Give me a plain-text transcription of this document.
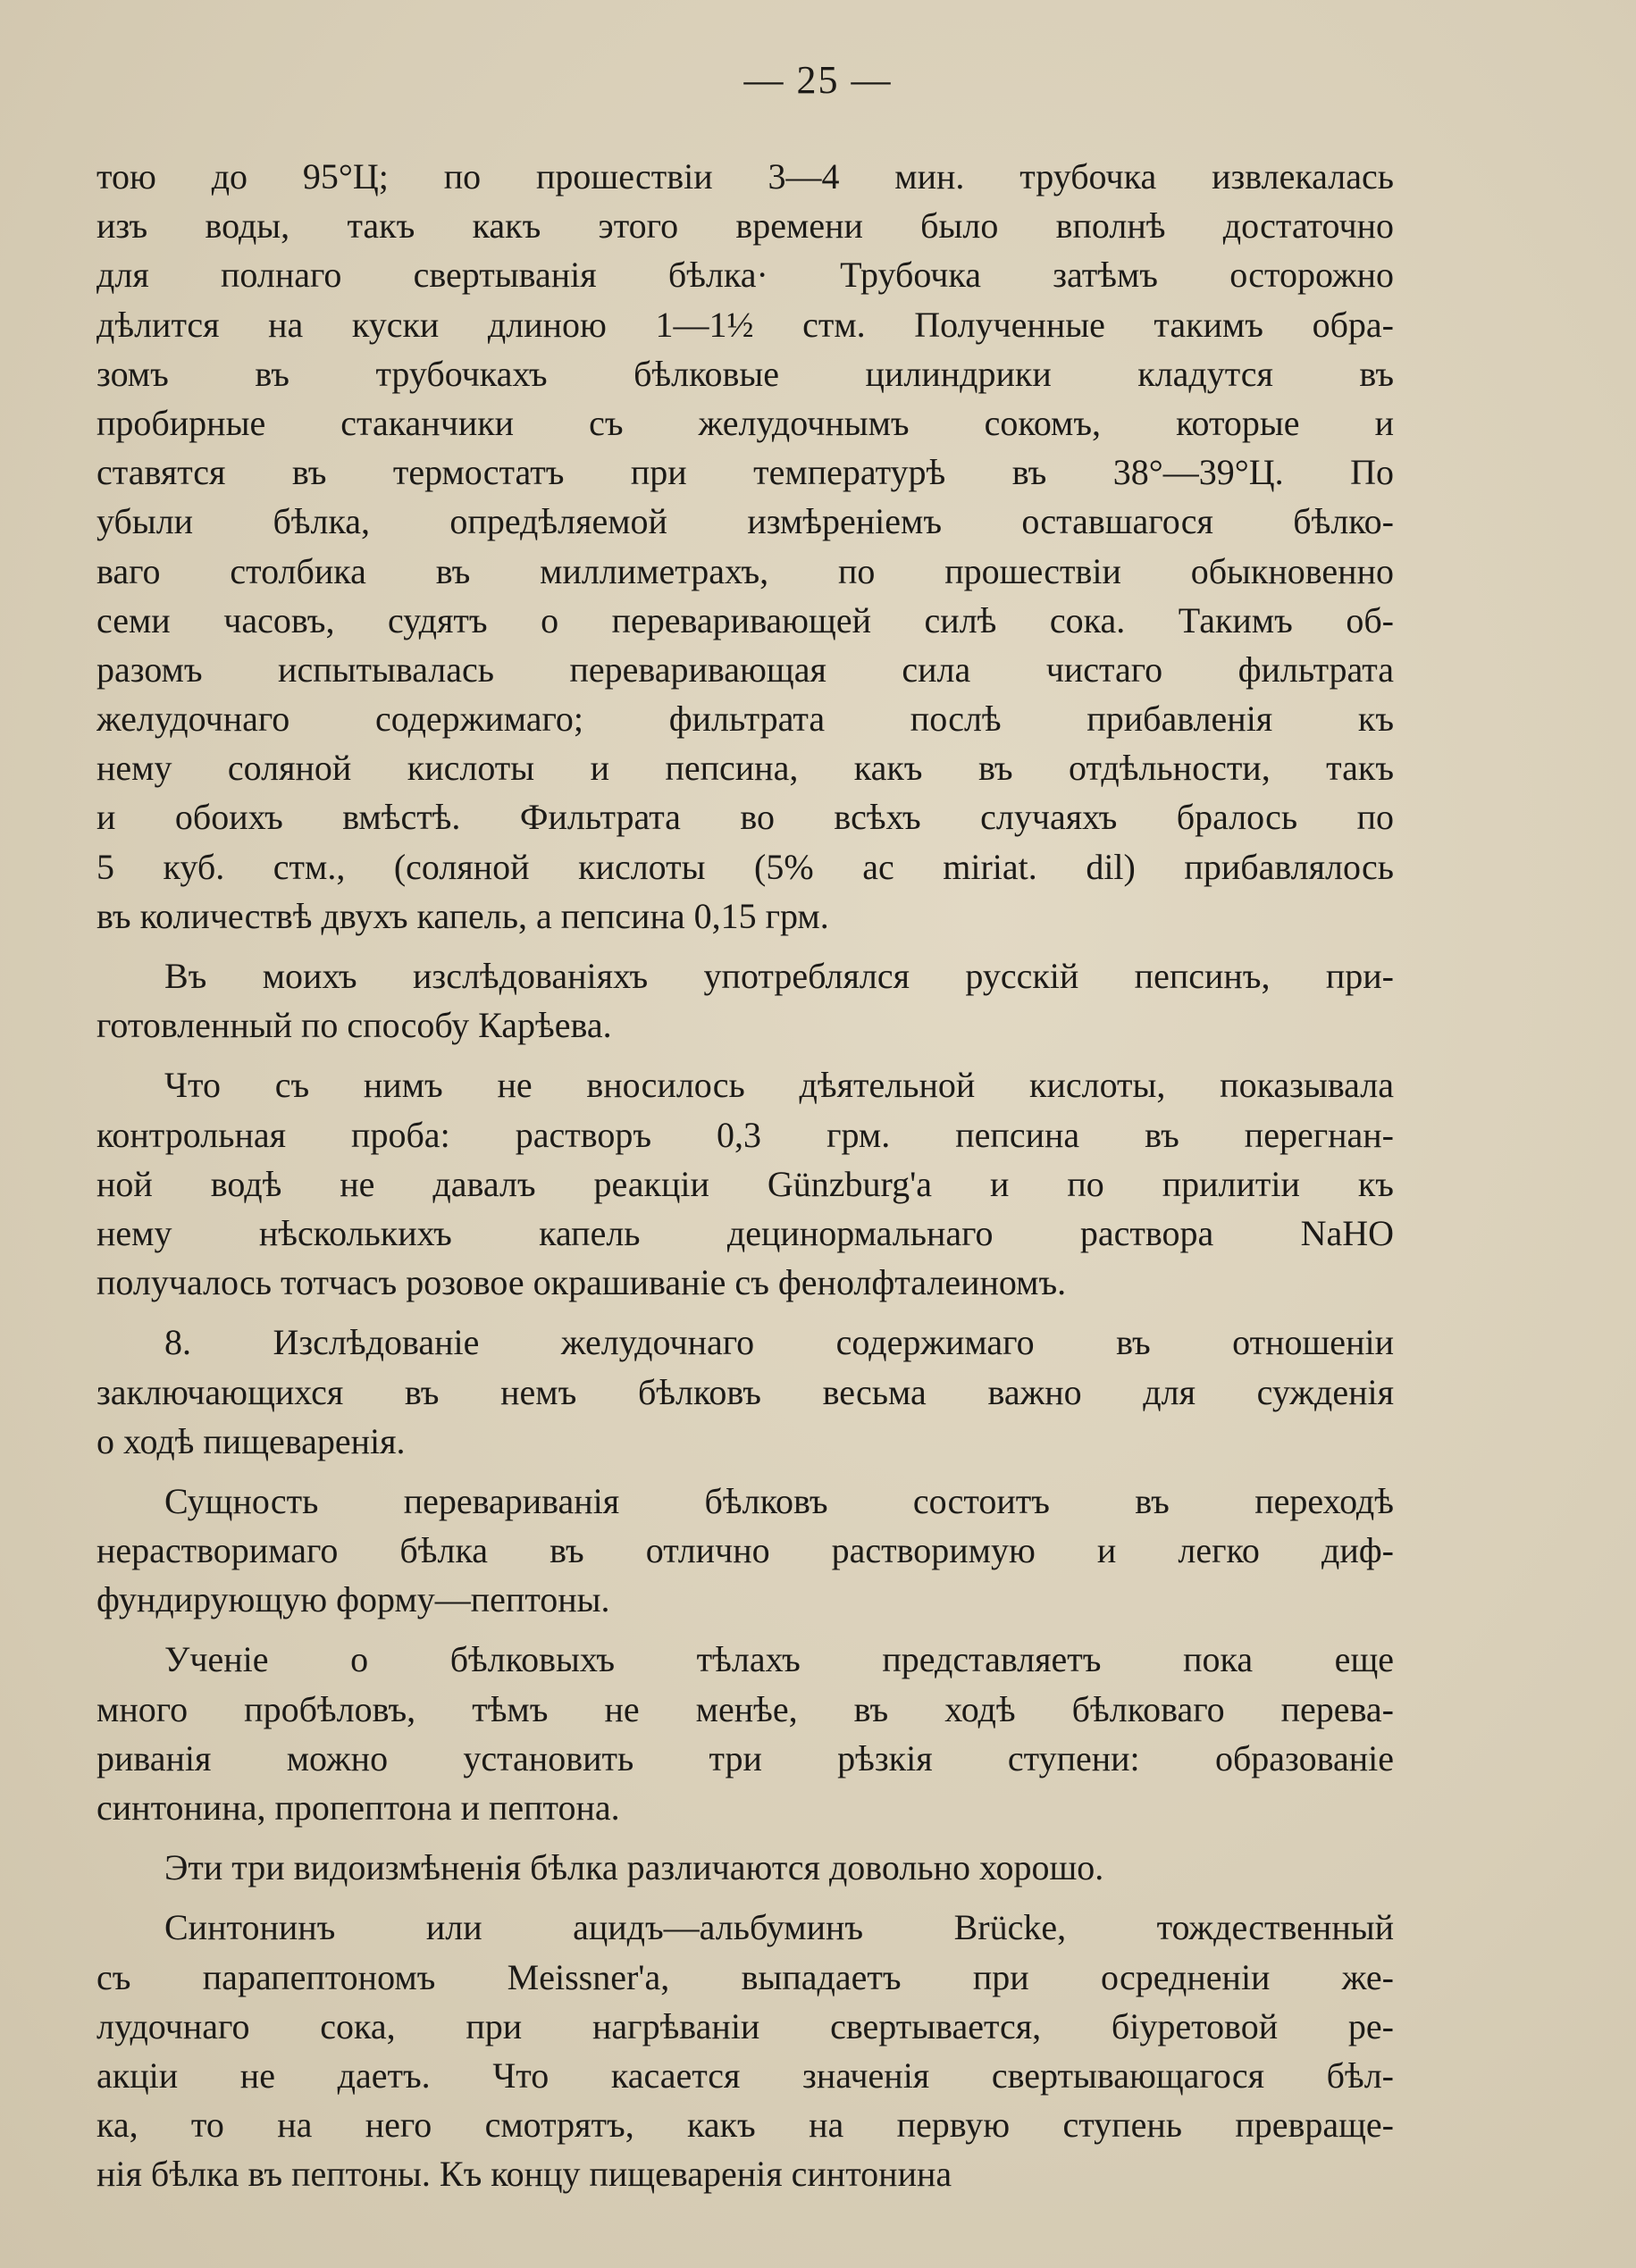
— 25 —
тою до 95°Ц; по прошествіи 3—4 мин. трубочка извлекалась
изъ воды, такъ какъ этого времени было вполнѣ достаточно
для полнаго свертыванія бѣлка· Трубочка затѣмъ осторожно
дѣлится на куски длиною 1—1½ стм. Полученные такимъ обра-
зомъ въ трубочкахъ бѣлковые цилиндрики кладутся въ
пробирные стаканчики съ желудочнымъ сокомъ, которые и
ставятся въ термостатъ при температурѣ въ 38°—39°Ц. По
убыли бѣлка, опредѣляемой измѣреніемъ оставшагося бѣлко-
ваго столбика въ миллиметрахъ, по прошествіи обыкновенно
семи часовъ, судятъ о переваривающей силѣ сока. Такимъ об-
разомъ испытывалась переваривающая сила чистаго фильтрата
желудочнаго содержимаго; фильтрата послѣ прибавленія къ
нему соляной кислоты и пепсина, какъ въ отдѣльности, такъ
и обоихъ вмѣстѣ. Фильтрата во всѣхъ случаяхъ бралось по
5 куб. стм., (соляной кислоты (5% ac miriat. dil) прибавлялось
въ количествѣ двухъ капель, а пепсина 0,15 грм.
Въ моихъ изслѣдованіяхъ употреблялся русскій пепсинъ, при-
готовленный по способу Карѣева.
Что съ нимъ не вносилось дѣятельной кислоты, показывала
контрольная проба: растворъ 0,3 грм. пепсина въ перегнан-
ной водѣ не давалъ реакціи Günzburg'а и по прилитіи къ
нему нѣсколькихъ капель децинормальнаго раствора NaHO
получалось тотчасъ розовое окрашиваніе съ фенолфталеиномъ.
8. Изслѣдованіе желудочнаго содержимаго въ отношеніи
заключающихся въ немъ бѣлковъ весьма важно для сужденія
о ходѣ пищеваренія.
Сущность перевариванія бѣлковъ состоитъ въ переходѣ
нерастворимаго бѣлка въ отлично растворимую и легко диф-
фундирующую форму—пептоны.
Ученіе о бѣлковыхъ тѣлахъ представляетъ пока еще
много пробѣловъ, тѣмъ не менѣе, въ ходѣ бѣлковаго перева-
риванія можно установить три рѣзкія ступени: образованіе
синтонина, пропептона и пептона.
Эти три видоизмѣненія бѣлка различаются довольно хорошо.
Синтонинъ или ацидъ—альбуминъ Brücke, тождественный
съ парапептономъ Meissner'а, выпадаетъ при осредненіи же-
лудочнаго сока, при нагрѣваніи свертывается, біуретовой ре-
акціи не даетъ. Что касается значенія свертывающагося бѣл-
ка, то на него смотрятъ, какъ на первую ступень превраще-
нія бѣлка въ пептоны. Къ концу пищеваренія синтонина
